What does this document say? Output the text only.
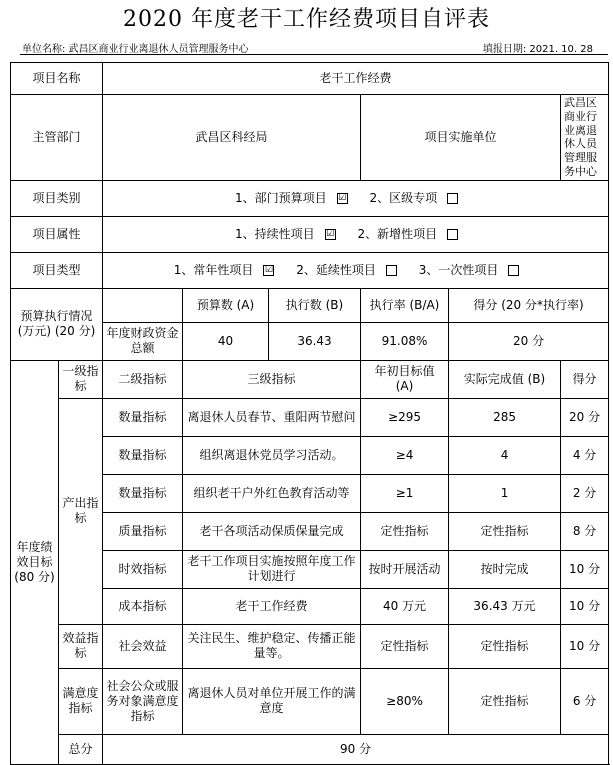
2020 年度老干工作经费项目自评表
单位名称: 武昌区商业行业离退休人员管理服务中心	填报日期: 2021. 10. 28
项目名称		老干工作经费					
主管部门		武昌区科经局			项目实施单位		武昌区商业行业离退休人员管理服务中心
项目类别		1、部门预算项目 ☑ 2、区级专项					
项目属性		1、持续性项目 ☑ 2、新增性项目					
项目类型		1、常年性项目 ☑ 2、延续性项目 3、一次性项目					
预算执行情况 (万元) (20 分)			预算数 (A)	执行数 (B)	执行率 (B/A)	得分 (20 分*执行率)	
		年度财政资金总额	40	36.43	91.08%	20 分	
年度绩效目标 (80 分)	一级指标	二级指标	三级指标		年初目标值 (A)	实际完成值 (B)	得分
	产出指标	数量指标	离退休人员春节、重阳两节慰问		≥295	285	20 分
		数量指标	组织离退休党员学习活动。		≥4	4	4 分
		数量指标	组织老干户外红色教育活动等		≥1	1	2 分
		质量指标	老干各项活动保质保量完成		定性指标	定性指标	8 分
		时效指标	老干工作项目实施按照年度工作计划进行		按时开展活动	按时完成	10 分
		成本指标	老干工作经费		40 万元	36.43 万元	10 分
	效益指标	社会效益	关注民生、维护稳定、传播正能量等。		定性指标	定性指标	10 分
	满意度指标	社会公众或服务对象满意度指标	离退休人员对单位开展工作的满意度		≥80%	定性指标	6 分
	总分	90 分					
